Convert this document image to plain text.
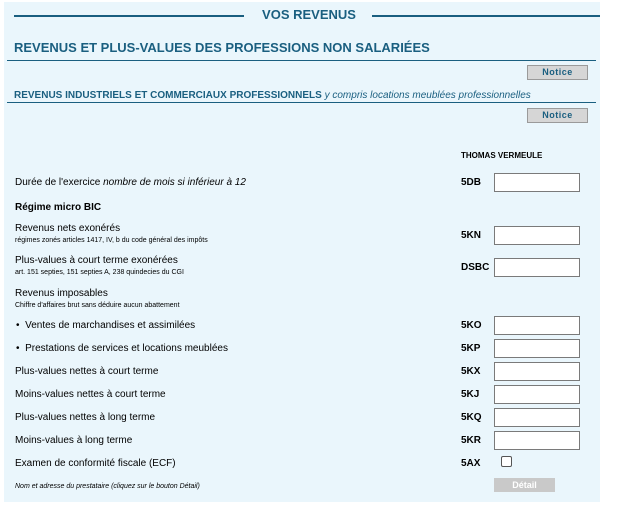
VOS REVENUS
REVENUS ET PLUS-VALUES DES PROFESSIONS NON SALARIÉES
Notice
REVENUS INDUSTRIELS ET COMMERCIAUX PROFESSIONNELS y compris locations meublées professionnelles
Notice
THOMAS VERMEULE
Durée de l'exercice nombre de mois si inférieur à 12	5DB
Régime micro BIC
Revenus nets exonérés
régimes zonés articles 1417, IV, b du code général des impôts	5KN
Plus-values à court terme exonérées
art. 151 septies, 151 septies A, 238 quindecies du CGI	DSBC
Revenus imposables
Chiffre d'affaires brut sans déduire aucun abattement
• Ventes de marchandises et assimilées	5KO
• Prestations de services et locations meublées	5KP
Plus-values nettes à court terme	5KX
Moins-values nettes à court terme	5KJ
Plus-values nettes à long terme	5KQ
Moins-values à long terme	5KR
Examen de conformité fiscale (ECF)	5AX
Nom et adresse du prestataire (cliquez sur le bouton Détail)	Détail
